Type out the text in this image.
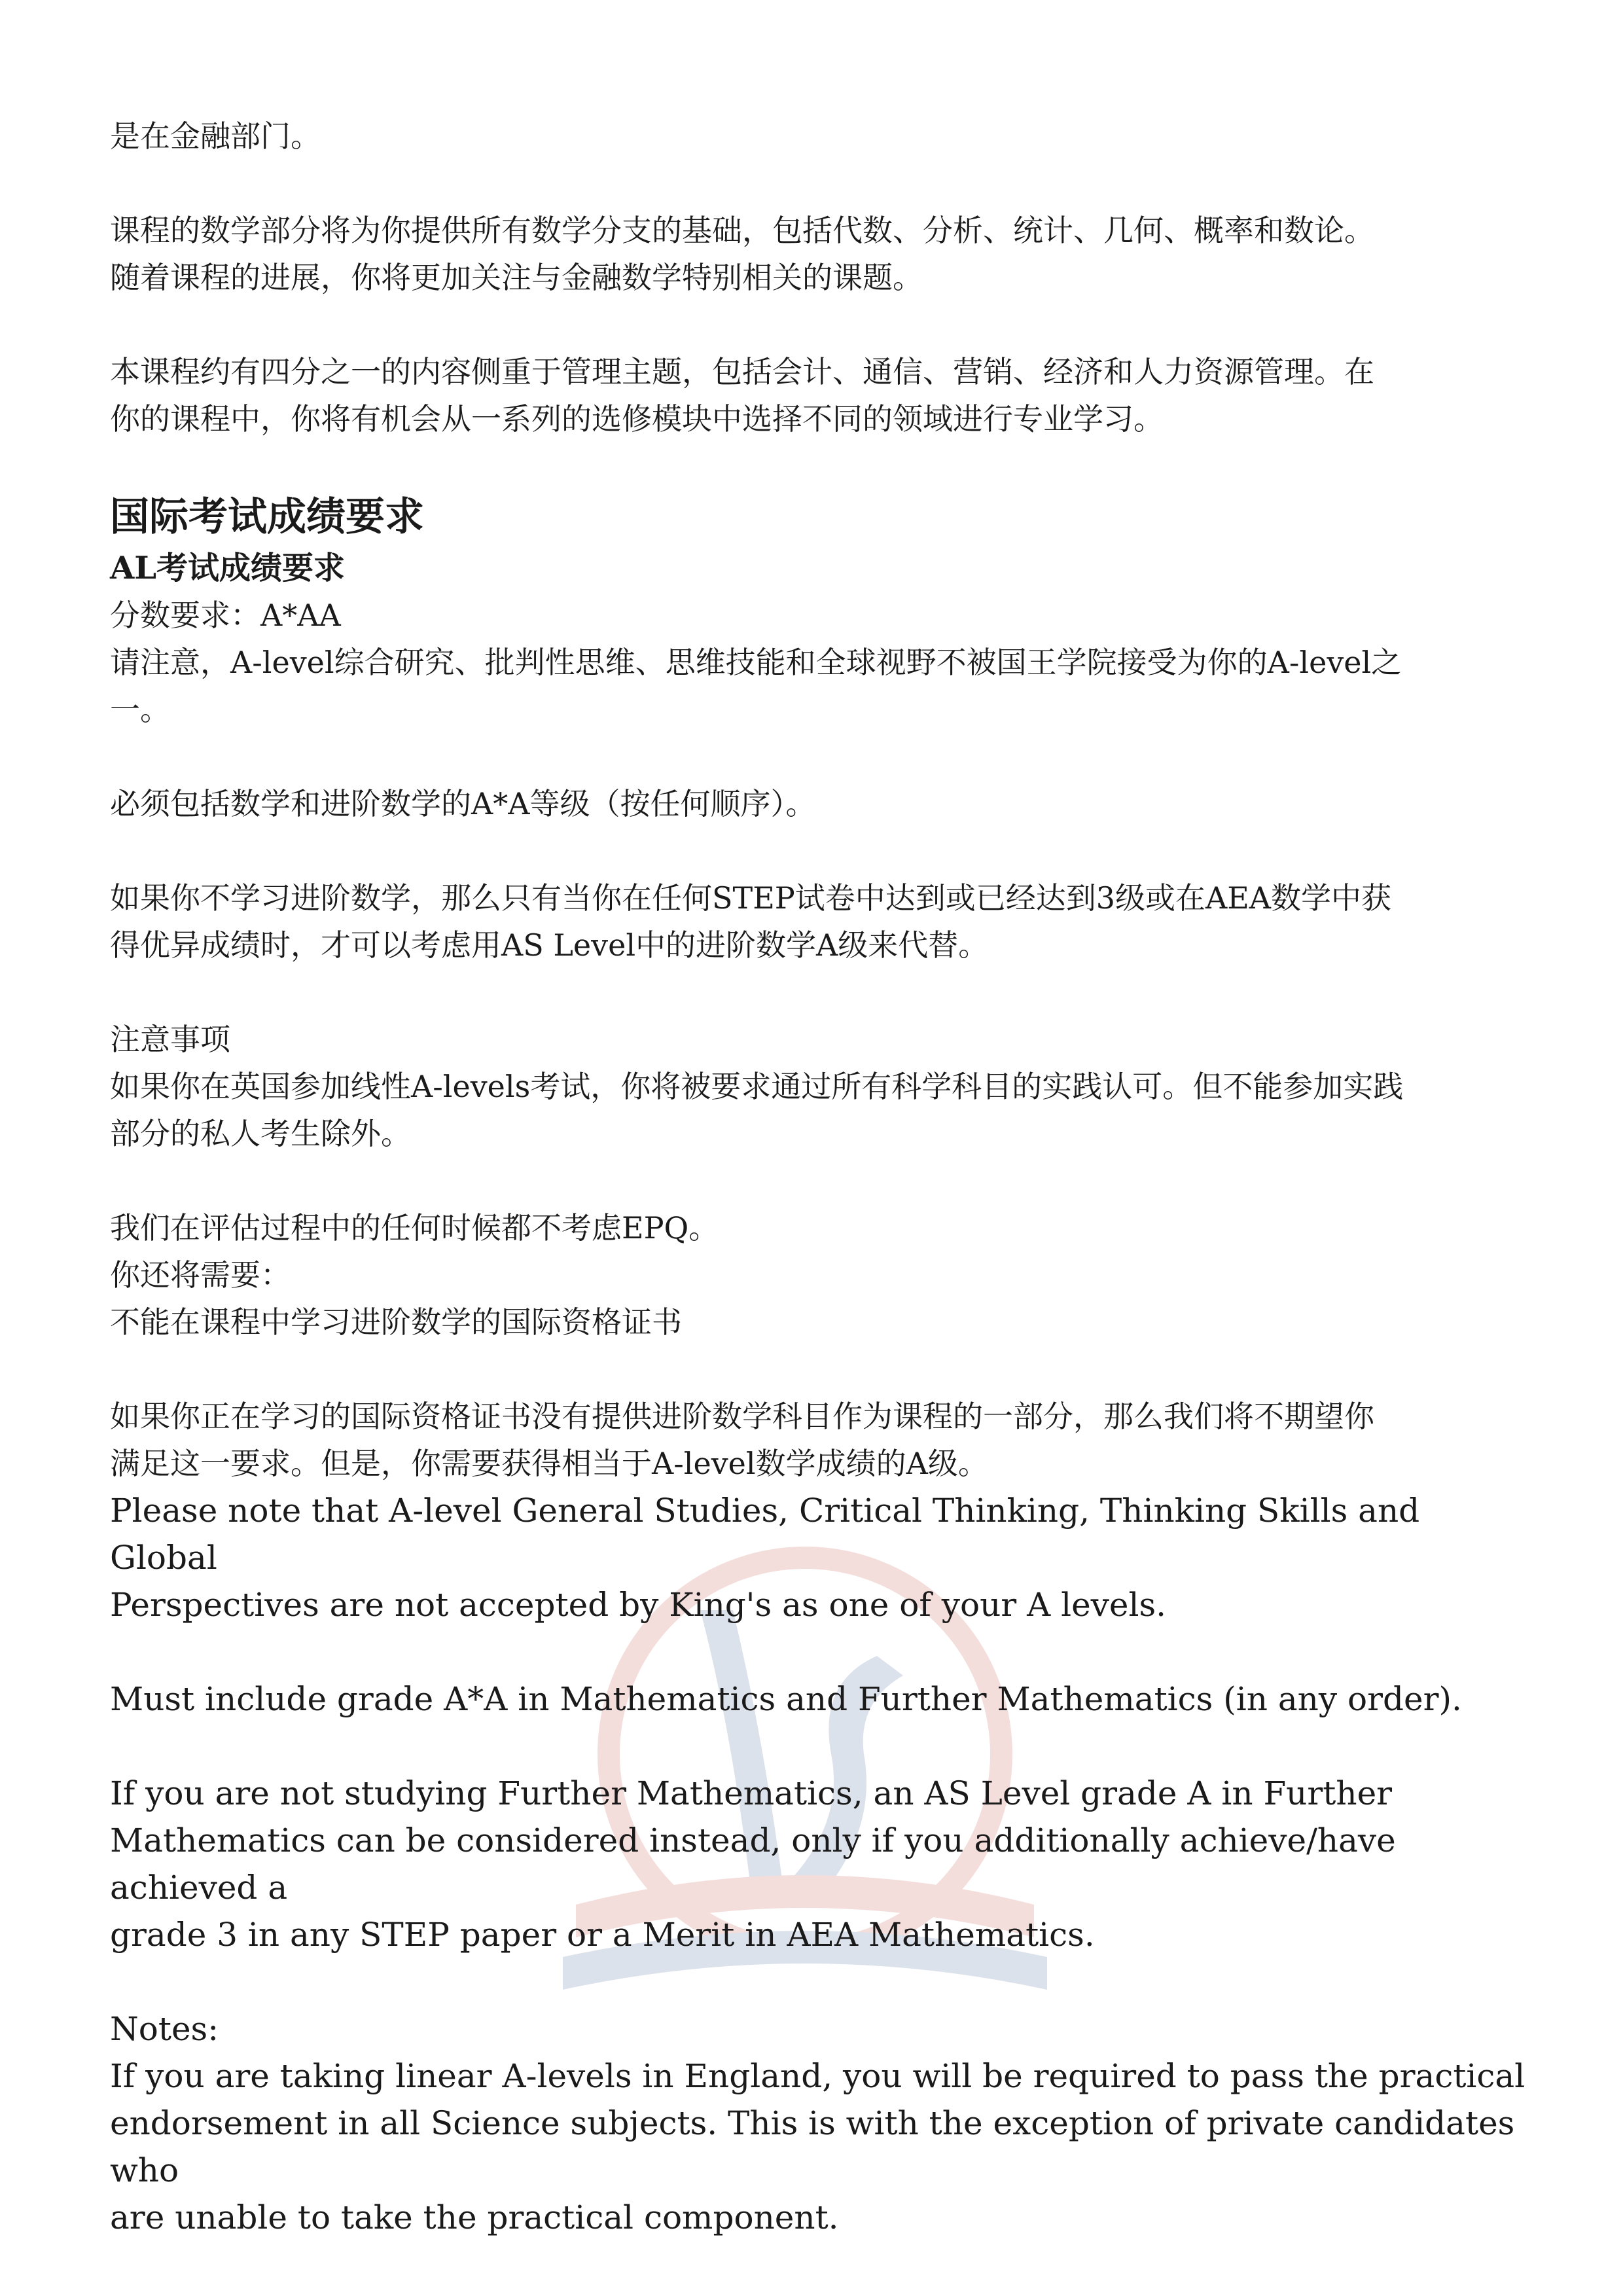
是在金融部门。

课程的数学部分将为你提供所有数学分支的基础，包括代数、分析、统计、几何、概率和数论。

随着课程的进展，你将更加关注与金融数学特别相关的课题。

本课程约有四分之一的内容侧重于管理主题，包括会计、通信、营销、经济和人力资源管理。在

你的课程中，你将有机会从一系列的选修模块中选择不同的领域进行专业学习。

国际考试成绩要求
AL考试成绩要求

分数要求：A*AA

请注意，A-level综合研究、批判性思维、思维技能和全球视野不被国王学院接受为你的A-level之

一。

必须包括数学和进阶数学的A*A等级（按任何顺序）。

如果你不学习进阶数学，那么只有当你在任何STEP试卷中达到或已经达到3级或在AEA数学中获

得优异成绩时，才可以考虑用AS Level中的进阶数学A级来代替。

注意事项

如果你在英国参加线性A-levels考试，你将被要求通过所有科学科目的实践认可。但不能参加实践

部分的私人考生除外。

我们在评估过程中的任何时候都不考虑EPQ。

你还将需要：

不能在课程中学习进阶数学的国际资格证书

如果你正在学习的国际资格证书没有提供进阶数学科目作为课程的一部分，那么我们将不期望你

满足这一要求。但是，你需要获得相当于A-level数学成绩的A级。

Please note that A-level General Studies, Critical Thinking, Thinking Skills and Global

Perspectives are not accepted by King's as one of your A levels.

Must include grade A*A in Mathematics and Further Mathematics (in any order).

If you are not studying Further Mathematics, an AS Level grade A in Further

Mathematics can be considered instead, only if you additionally achieve/have achieved a

grade 3 in any STEP paper or a Merit in AEA Mathematics.

Notes:

If you are taking linear A-levels in England, you will be required to pass the practical

endorsement in all Science subjects. This is with the exception of private candidates who

are unable to take the practical component.
